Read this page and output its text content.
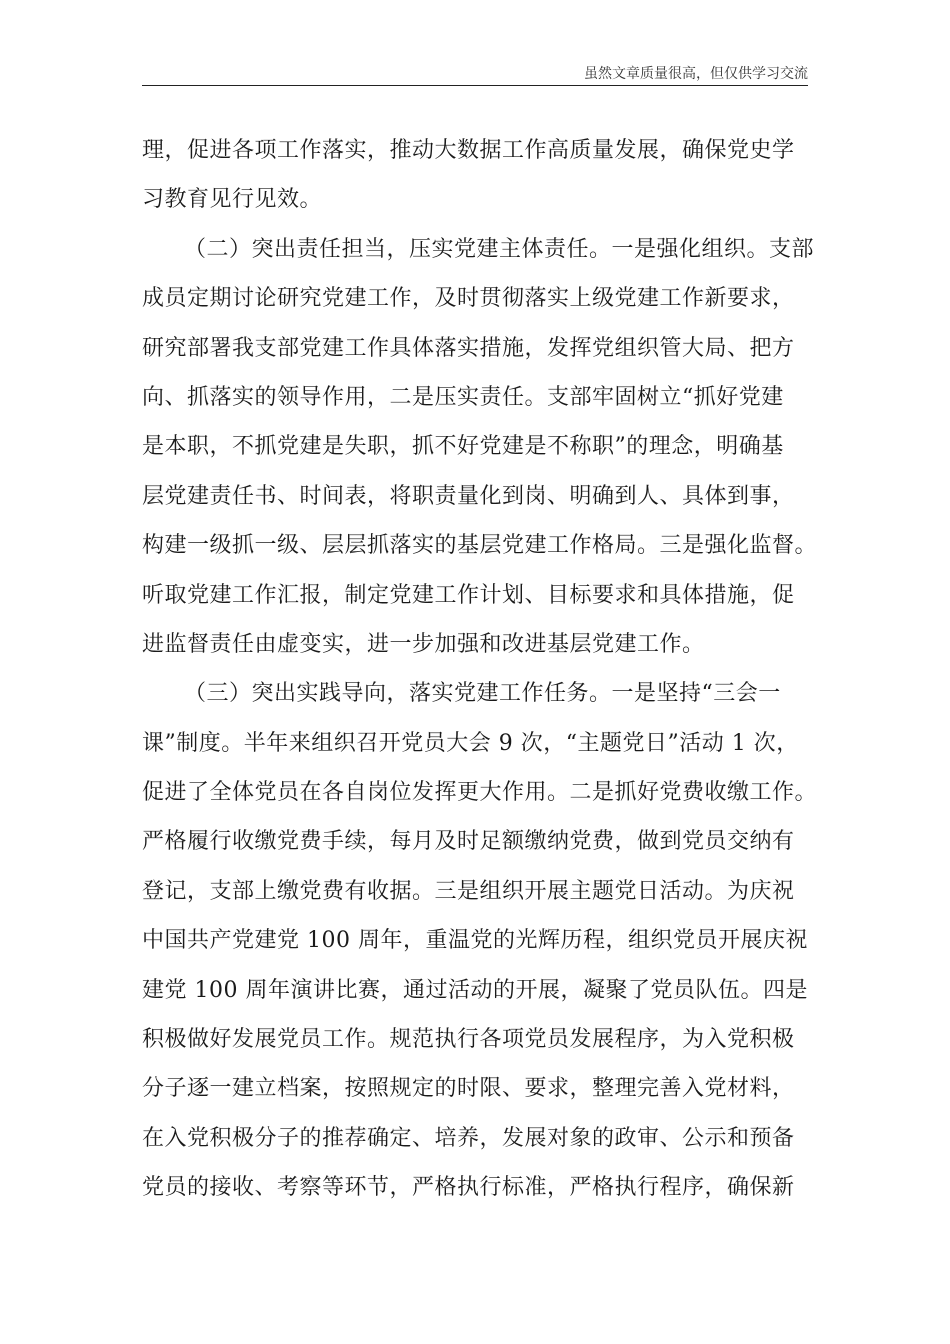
虽然文章质量很高，但仅供学习交流
理，促进各项工作落实，推动大数据工作高质量发展，确保党史学
习教育见行见效。
（二）突出责任担当，压实党建主体责任。一是强化组织。支部
成员定期讨论研究党建工作，及时贯彻落实上级党建工作新要求，
研究部署我支部党建工作具体落实措施，发挥党组织管大局、把方
向、抓落实的领导作用，二是压实责任。支部牢固树立“抓好党建
是本职，不抓党建是失职，抓不好党建是不称职”的理念，明确基
层党建责任书、时间表，将职责量化到岗、明确到人、具体到事，
构建一级抓一级、层层抓落实的基层党建工作格局。三是强化监督。
听取党建工作汇报，制定党建工作计划、目标要求和具体措施，促
进监督责任由虚变实，进一步加强和改进基层党建工作。
（三）突出实践导向，落实党建工作任务。一是坚持“三会一
课”制度。半年来组织召开党员大会 9 次，“主题党日”活动 1 次，
促进了全体党员在各自岗位发挥更大作用。二是抓好党费收缴工作。
严格履行收缴党费手续，每月及时足额缴纳党费，做到党员交纳有
登记，支部上缴党费有收据。三是组织开展主题党日活动。为庆祝
中国共产党建党 100 周年，重温党的光辉历程，组织党员开展庆祝
建党 100 周年演讲比赛，通过活动的开展，凝聚了党员队伍。四是
积极做好发展党员工作。规范执行各项党员发展程序，为入党积极
分子逐一建立档案，按照规定的时限、要求，整理完善入党材料，
在入党积极分子的推荐确定、培养，发展对象的政审、公示和预备
党员的接收、考察等环节，严格执行标准，严格执行程序，确保新
